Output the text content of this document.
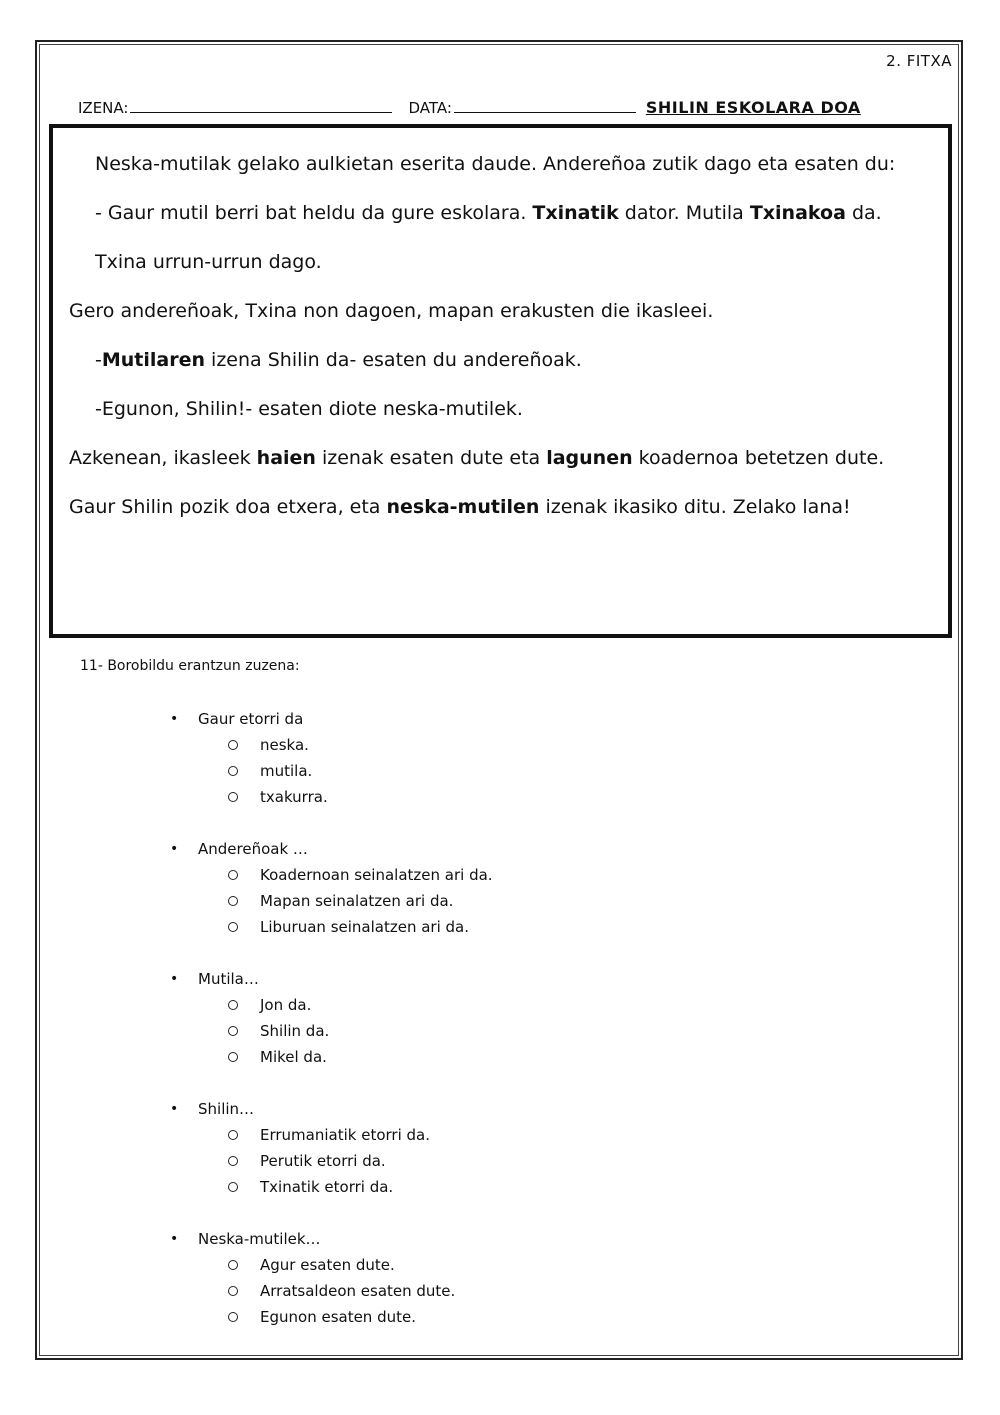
2. FITXA
IZENA:	DATA:	SHILIN ESKOLARA DOA

Neska-mutilak gelako aulkietan eserita daude. Andereñoa zutik dago eta esaten du:

- Gaur mutil berri bat heldu da gure eskolara. Txinatik dator. Mutila Txinakoa da. Txina urrun-urrun dago.

Gero andereñoak, Txina non dagoen, mapan erakusten die ikasleei.

-Mutilaren izena Shilin da- esaten du andereñoak.

-Egunon, Shilin!- esaten diote neska-mutilek.

Azkenean, ikasleek haien izenak esaten dute eta lagunen koadernoa betetzen dute. Gaur Shilin pozik doa etxera, eta neska-mutilen izenak ikasiko ditu. Zelako lana!

11- Borobildu erantzun zuzena:
•	Gaur etorri da
neska.
mutila.
txakurra.
•	Andereñoak …
Koadernoan seinalatzen ari da.
Mapan seinalatzen ari da.
Liburuan seinalatzen ari da.
•	Mutila…
Jon da.
Shilin da.
Mikel da.
•	Shilin…
Errumaniatik etorri da.
Perutik etorri da.
Txinatik etorri da.
•	Neska-mutilek…
Agur esaten dute.
Arratsaldeon esaten dute.
Egunon esaten dute.
